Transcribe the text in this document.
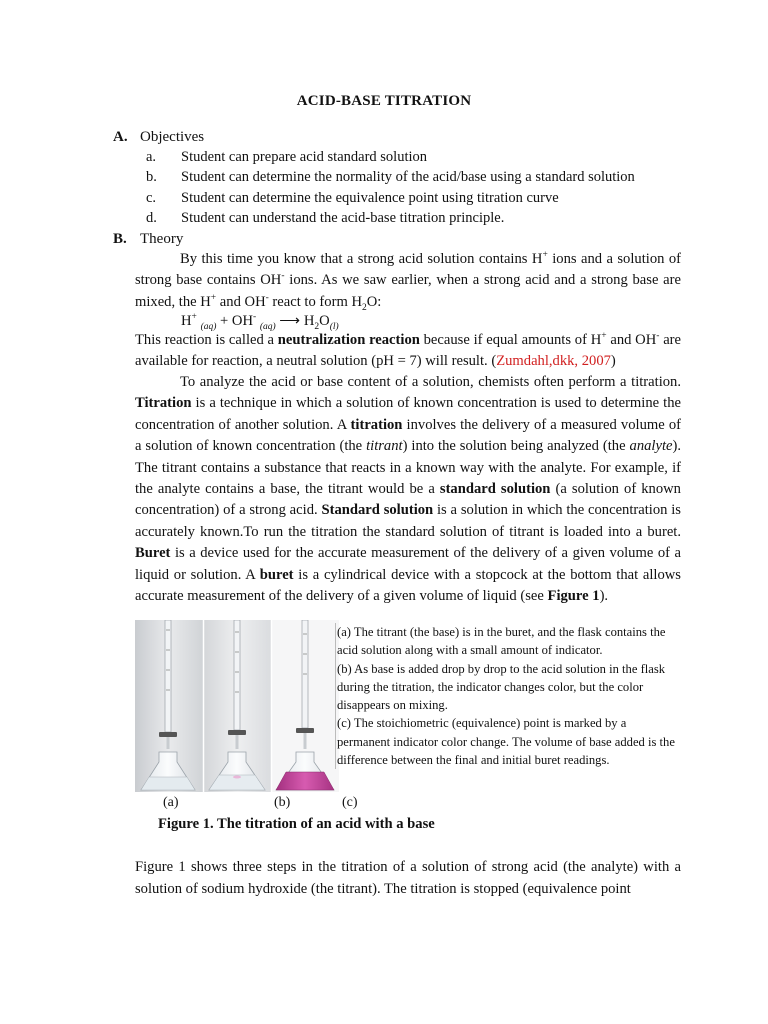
ACID-BASE TITRATION
A. Objectives
a.	Student can prepare acid standard solution
b.	Student can determine the normality of the acid/base using a standard solution
c.	Student can determine the equivalence point using titration curve
d.	Student can understand the acid-base titration principle.
B. Theory

By this time you know that a strong acid solution contains H+ ions and a solution of strong base contains OH- ions. As we saw earlier, when a strong acid and a strong base are mixed, the H+ and OH- react to form $H_2O$:

H+ $_{(aq)}$ + OH- $_{(aq)}$ ⟶ $H_2O_{(l)}$

This reaction is called a neutralization reaction because if equal amounts of H+ and OH- are available for reaction, a neutral solution (pH = 7) will result. (Zumdahl,dkk, 2007)

To analyze the acid or base content of a solution, chemists often perform a titration. Titration is a technique in which a solution of known concentration is used to determine the concentration of another solution. A titration involves the delivery of a measured volume of a solution of known concentration (the titrant) into the solution being analyzed (the analyte). The titrant contains a substance that reacts in a known way with the analyte. For example, if the analyte contains a base, the titrant would be a standard solution (a solution of known concentration) of a strong acid. Standard solution is a solution in which the concentration is accurately known.To run the titration the standard solution of titrant is loaded into a buret. Buret is a device used for the accurate measurement of the delivery of a given volume of a liquid or solution. A buret is a cylindrical device with a stopcock at the bottom that allows accurate measurement of the delivery of a given volume of liquid (see Figure 1).

(a) The titrant (the base) is in the buret, and the flask contains the acid solution along with a small amount of indicator.

(b) As base is added drop by drop to the acid solution in the flask during the titration, the indicator changes color, but the color disappears on mixing.

(c) The stoichiometric (equivalence) point is marked by a permanent indicator color change. The volume of base added is the difference between the final and initial buret readings.

(a)	(b)	(c)
Figure 1. The titration of an acid with a base
Figure 1 shows three steps in the titration of a solution of strong acid (the analyte) with a solution of sodium hydroxide (the titrant). The titration is stopped (equivalence point
